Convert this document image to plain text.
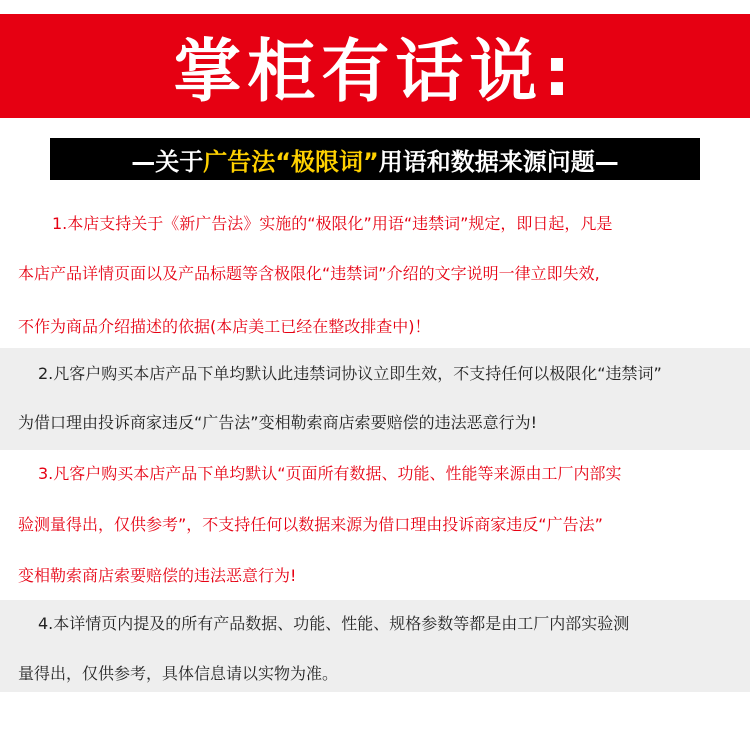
掌柜有话说:
—关于 广告法“极限词” 用语和数据来源问题—
1.本店支持关于《新广告法》实施的“极限化”用语“违禁词”规定，即日起，凡是
本店产品详情页面以及产品标题等含极限化“违禁词”介绍的文字说明一律立即失效,
不作为商品介绍描述的依据(本店美工已经在整改排查中)！
2.凡客户购买本店产品下单均默认此违禁词协议立即生效，不支持任何以极限化“违禁词”
为借口理由投诉商家违反“广告法”变相勒索商店索要赔偿的违法恶意行为!
3.凡客户购买本店产品下单均默认“页面所有数据、功能、性能等来源由工厂内部实
验测量得出，仅供参考”，不支持任何以数据来源为借口理由投诉商家违反“广告法”
变相勒索商店索要赔偿的违法恶意行为!
4.本详情页内提及的所有产品数据、功能、性能、规格参数等都是由工厂内部实验测
量得出，仅供参考，具体信息请以实物为准。
